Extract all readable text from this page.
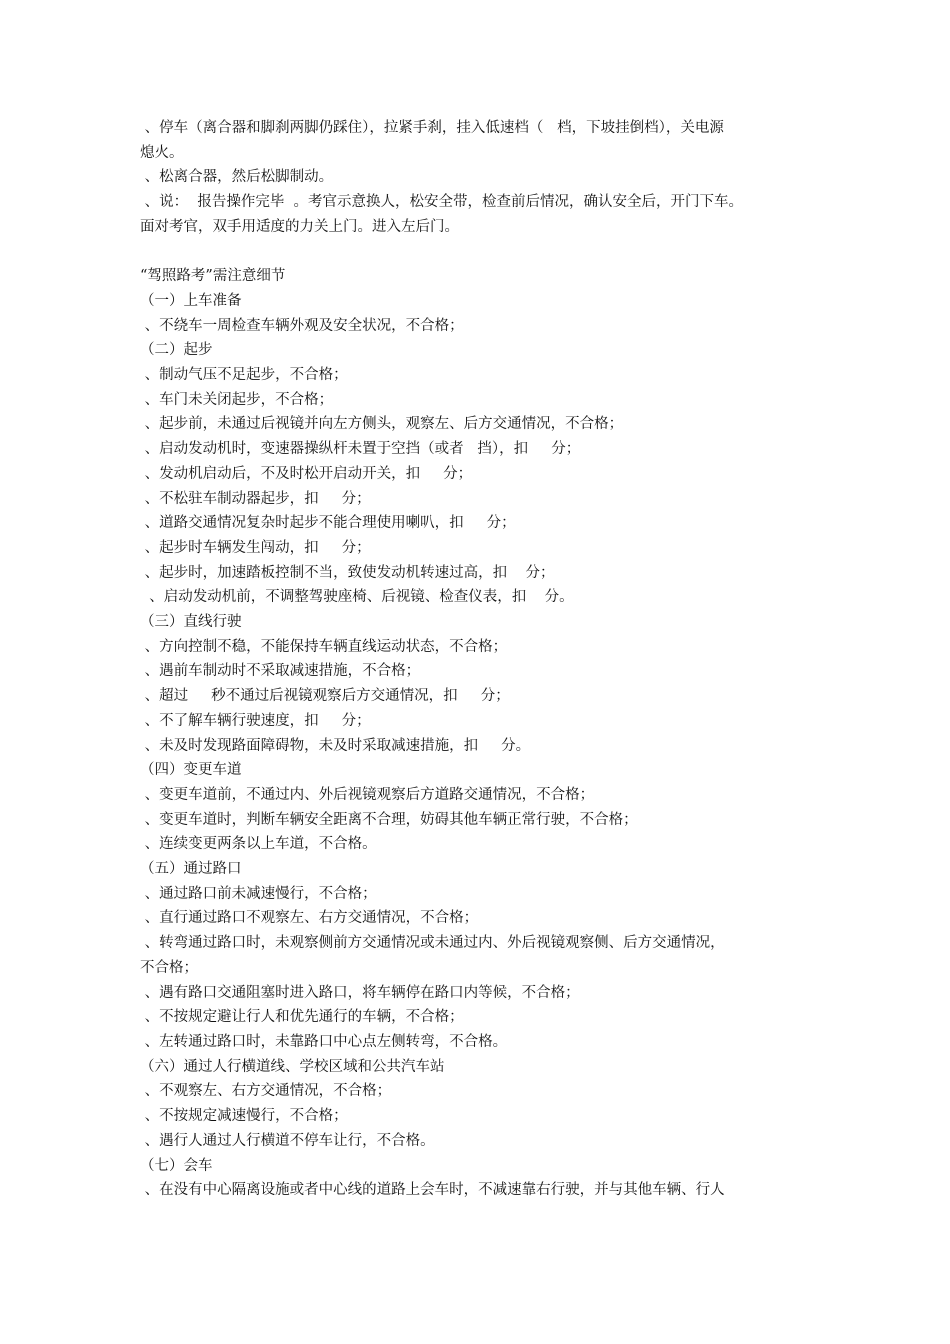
、停车（离合器和脚刹两脚仍踩住），拉紧手刹，挂入低速档（   档，下坡挂倒档），关电源
熄火。
、松离合器，然后松脚制动。
、说：  报告操作完毕  。考官示意换人，松安全带，检查前后情况，确认安全后，开门下车。
面对考官，双手用适度的力关上门。进入左后门。
“驾照路考”需注意细节
（一）上车准备
、不绕车一周检查车辆外观及安全状况，不合格；
（二）起步
、制动气压不足起步，不合格；
、车门未关闭起步，不合格；
、起步前，未通过后视镜并向左方侧头，观察左、后方交通情况，不合格；
、启动发动机时，变速器操纵杆未置于空挡（或者   挡），扣     分；
、发动机启动后，不及时松开启动开关，扣     分；
、不松驻车制动器起步，扣     分；
、道路交通情况复杂时起步不能合理使用喇叭，扣     分；
、起步时车辆发生闯动，扣     分；
、起步时，加速踏板控制不当，致使发动机转速过高，扣    分；
、启动发动机前，不调整驾驶座椅、后视镜、检查仪表，扣    分。
（三）直线行驶
、方向控制不稳，不能保持车辆直线运动状态，不合格；
、遇前车制动时不采取减速措施，不合格；
、超过     秒不通过后视镜观察后方交通情况，扣     分；
、不了解车辆行驶速度，扣     分；
、未及时发现路面障碍物，未及时采取减速措施，扣     分。
（四）变更车道
、变更车道前，不通过内、外后视镜观察后方道路交通情况，不合格；
、变更车道时，判断车辆安全距离不合理，妨碍其他车辆正常行驶，不合格；
、连续变更两条以上车道，不合格。
（五）通过路口
、通过路口前未减速慢行，不合格；
、直行通过路口不观察左、右方交通情况，不合格；
、转弯通过路口时，未观察侧前方交通情况或未通过内、外后视镜观察侧、后方交通情况，
不合格；
、遇有路口交通阻塞时进入路口，将车辆停在路口内等候，不合格；
、不按规定避让行人和优先通行的车辆，不合格；
、左转通过路口时，未靠路口中心点左侧转弯，不合格。
（六）通过人行横道线、学校区域和公共汽车站
、不观察左、右方交通情况，不合格；
、不按规定减速慢行，不合格；
、遇行人通过人行横道不停车让行，不合格。
（七）会车
、在没有中心隔离设施或者中心线的道路上会车时，不减速靠右行驶，并与其他车辆、行人
